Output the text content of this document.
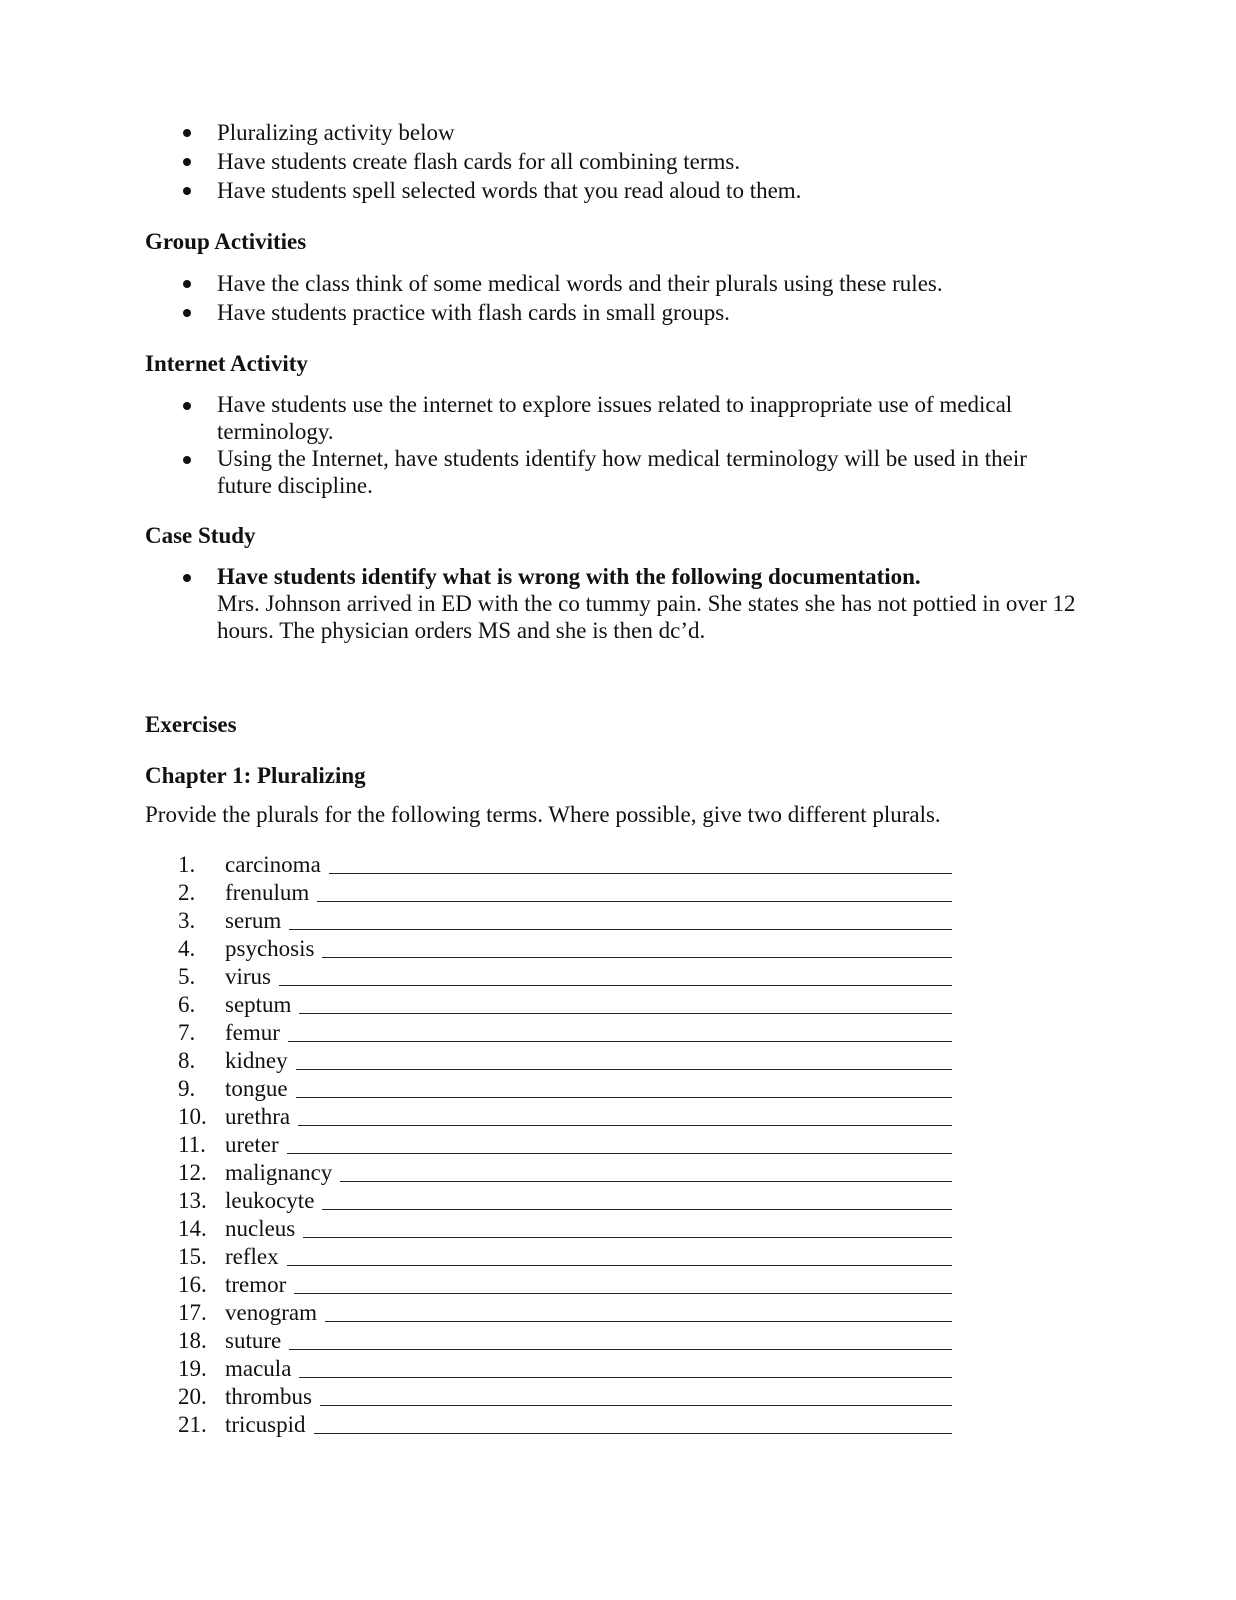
Pluralizing activity below
Have students create flash cards for all combining terms.
Have students spell selected words that you read aloud to them.
Group Activities
Have the class think of some medical words and their plurals using these rules.
Have students practice with flash cards in small groups.
Internet Activity
Have students use the internet to explore issues related to inappropriate use of medical terminology.
Using the Internet, have students identify how medical terminology will be used in their future discipline.
Case Study
Have students identify what is wrong with the following documentation.
Mrs. Johnson arrived in ED with the co tummy pain. She states she has not pottied in over 12 hours. The physician orders MS and she is then dc’d.
Exercises
Chapter 1: Pluralizing

Provide the plurals for the following terms. Where possible, give two different plurals.

1.	carcinoma
2.	frenulum
3.	serum
4.	psychosis
5.	virus
6.	septum
7.	femur
8.	kidney
9.	tongue
10. urethra
11. ureter
12. malignancy
13. leukocyte
14. nucleus
15. reflex
16. tremor
17. venogram
18. suture
19. macula
20. thrombus
21. tricuspid
